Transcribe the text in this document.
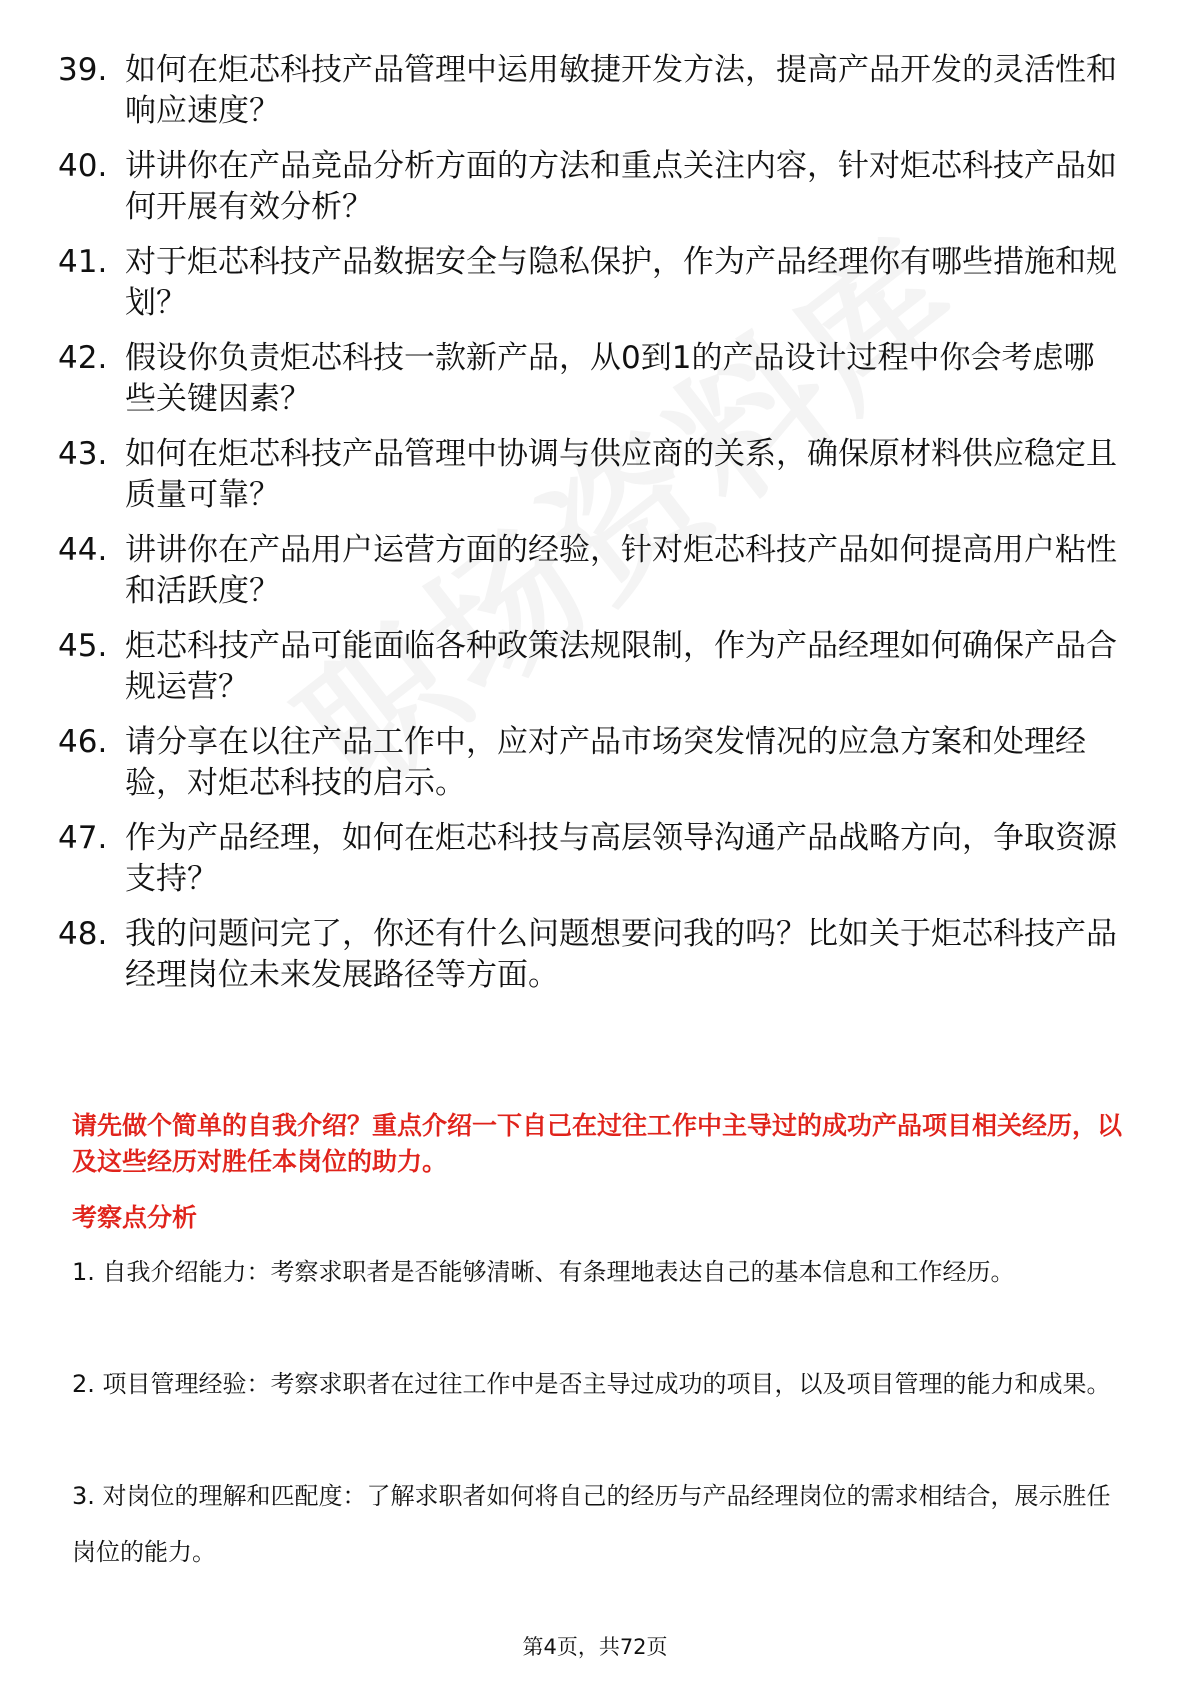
39. 如何在炬芯科技产品管理中运用敏捷开发方法，提高产品开发的灵活性和响应速度？
40. 讲讲你在产品竞品分析方面的方法和重点关注内容，针对炬芯科技产品如何开展有效分析？
41. 对于炬芯科技产品数据安全与隐私保护，作为产品经理你有哪些措施和规划？
42. 假设你负责炬芯科技一款新产品，从0到1的产品设计过程中你会考虑哪些关键因素？
43. 如何在炬芯科技产品管理中协调与供应商的关系，确保原材料供应稳定且质量可靠？
44. 讲讲你在产品用户运营方面的经验，针对炬芯科技产品如何提高用户粘性和活跃度？
45. 炬芯科技产品可能面临各种政策法规限制，作为产品经理如何确保产品合规运营？
46. 请分享在以往产品工作中，应对产品市场突发情况的应急方案和处理经验，对炬芯科技的启示。
47. 作为产品经理，如何在炬芯科技与高层领导沟通产品战略方向，争取资源支持？
48. 我的问题问完了，你还有什么问题想要问我的吗？比如关于炬芯科技产品经理岗位未来发展路径等方面。

请先做个简单的自我介绍？重点介绍一下自己在过往工作中主导过的成功产品项目相关经历，以及这些经历对胜任本岗位的助力。

考察点分析

1. 自我介绍能力：考察求职者是否能够清晰、有条理地表达自己的基本信息和工作经历。

2. 项目管理经验：考察求职者在过往工作中是否主导过成功的项目，以及项目管理的能力和成果。

3. 对岗位的理解和匹配度：了解求职者如何将自己的经历与产品经理岗位的需求相结合，展示胜任岗位的能力。

第4页，共72页
